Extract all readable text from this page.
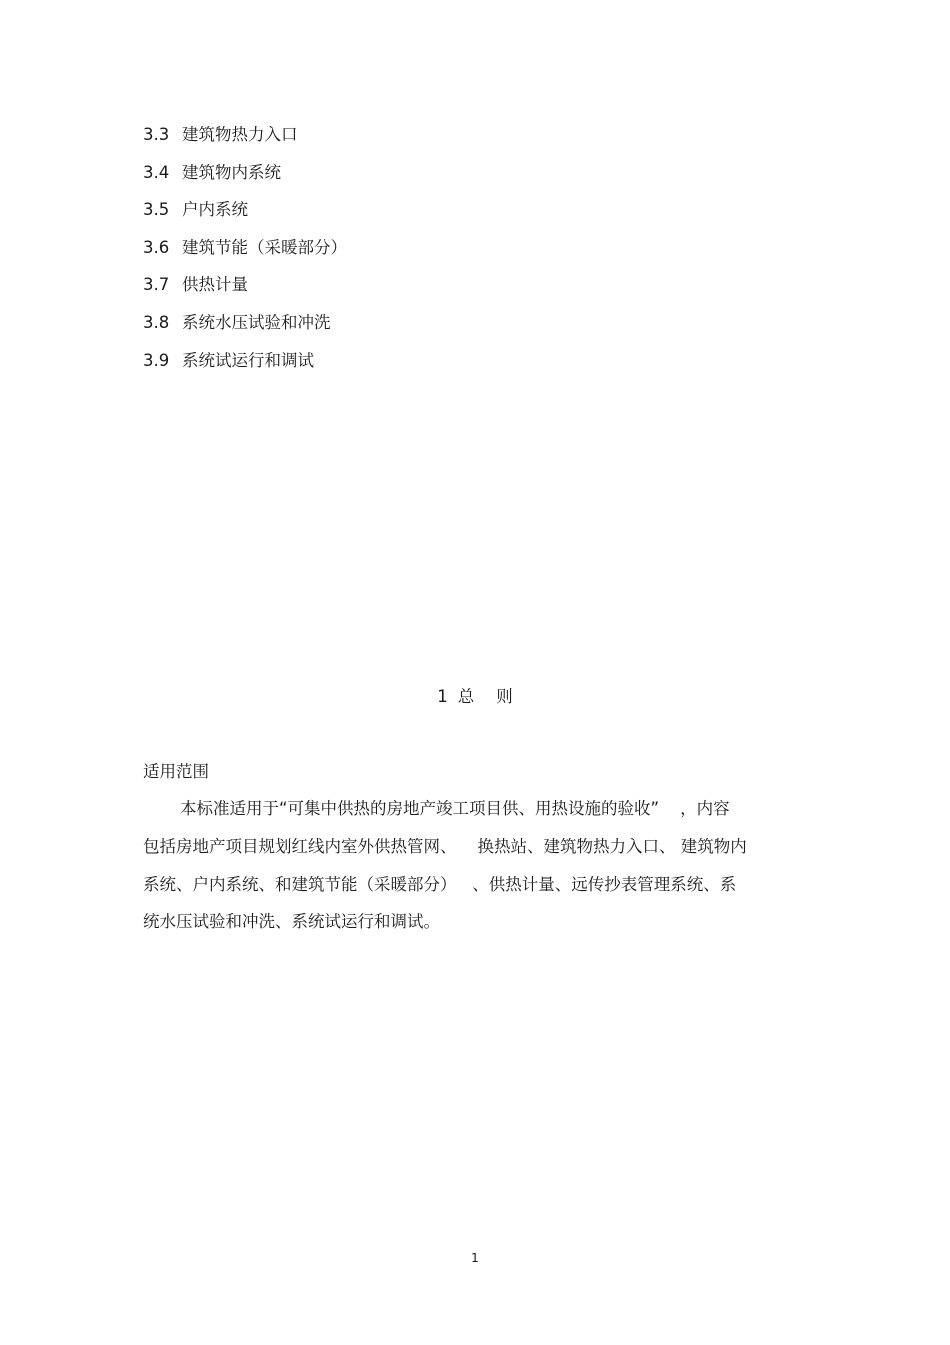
3.3 建筑物热力入口
3.4 建筑物内系统
3.5 户内系统
3.6 建筑节能（采暖部分）
3.7 供热计量
3.8 系统水压试验和冲洗
3.9 系统试运行和调试
1 总 则
适用范围
本标准适用于“可集中供热的房地产竣工项目供、用热设施的验收”    ，内容
包括房地产项目规划红线内室外供热管网、    换热站、建筑物热力入口、 建筑物内
系统、户内系统、和建筑节能（采暖部分）   、供热计量、远传抄表管理系统、系
统水压试验和冲洗、系统试运行和调试。
1
